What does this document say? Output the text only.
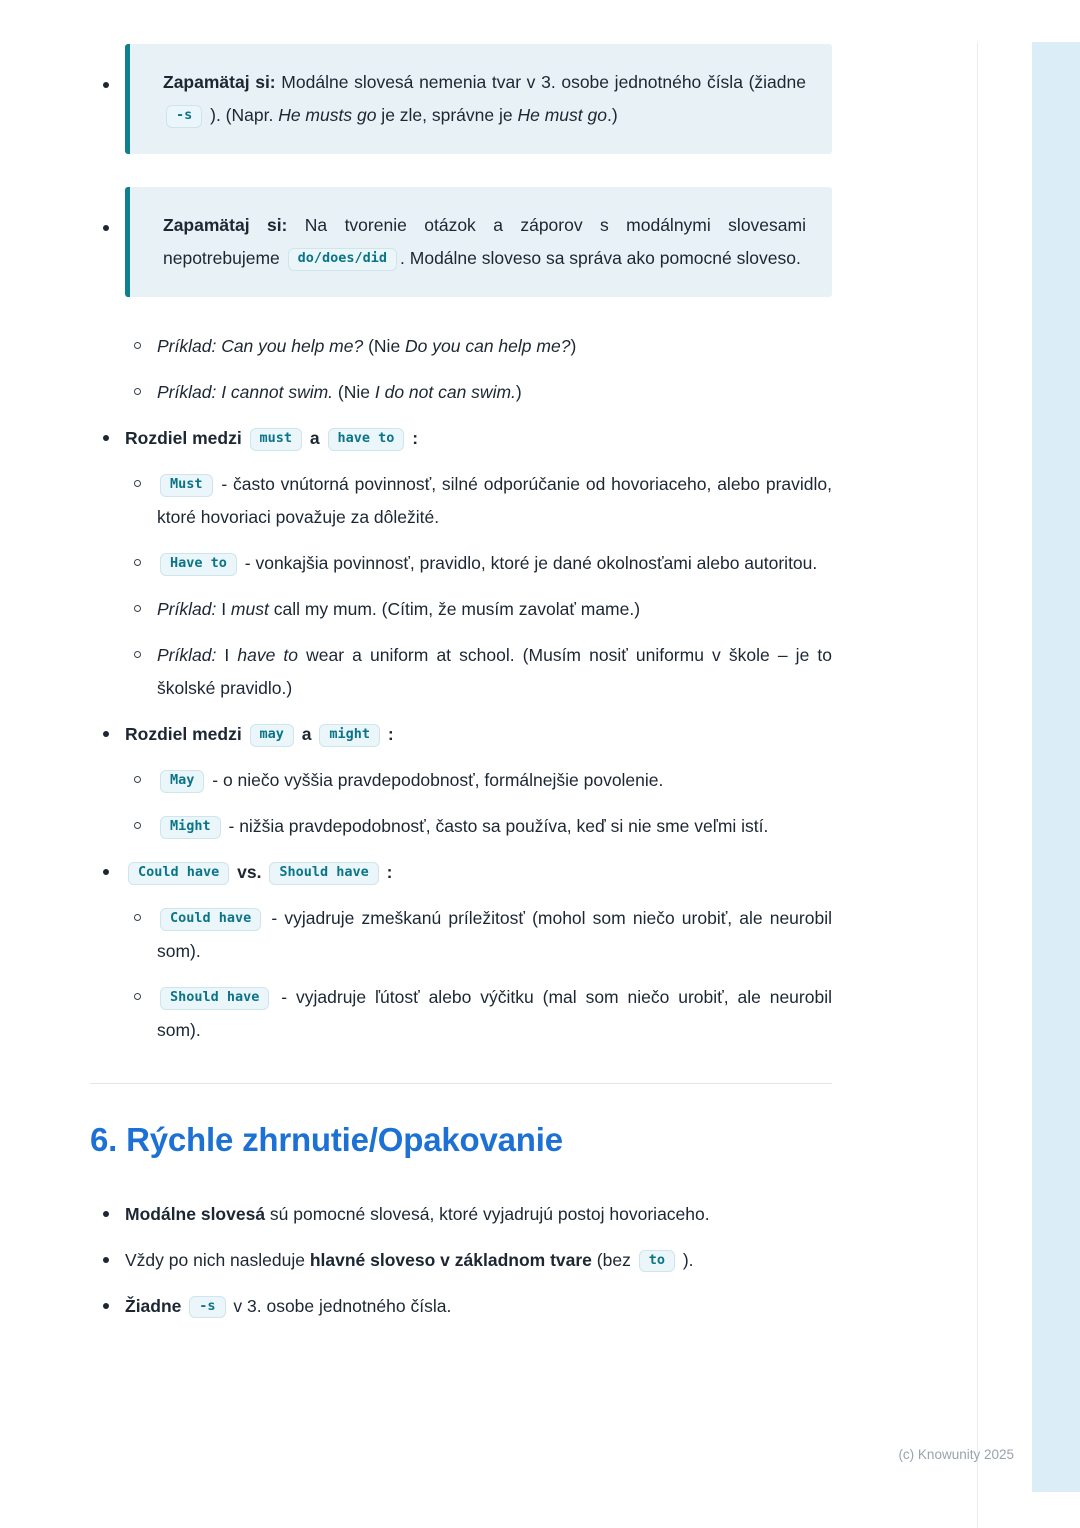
Zapamätaj si: Modálne slovesá nemenia tvar v 3. osobe jednotného čísla (žiadne -s ). (Napr. He musts go je zle, správne je He must go.)

Zapamätaj si: Na tvorenie otázok a záporov s modálnymi slovesami nepotrebujeme do/does/did . Modálne sloveso sa správa ako pomocné sloveso.

Príklad: Can you help me? (Nie Do you can help me?)
Príklad: I cannot swim. (Nie I do not can swim.)
Rozdiel medzi must a have to :
Must - často vnútorná povinnosť, silné odporúčanie od hovoriaceho, alebo pravidlo, ktoré hovoriaci považuje za dôležité.
Have to - vonkajšia povinnosť, pravidlo, ktoré je dané okolnosťami alebo autoritou.
Príklad: I must call my mum. (Cítim, že musím zavolať mame.)
Príklad: I have to wear a uniform at school. (Musím nosiť uniformu v škole – je to školské pravidlo.)
Rozdiel medzi may a might :
May - o niečo vyššia pravdepodobnosť, formálnejšie povolenie.
Might - nižšia pravdepodobnosť, často sa používa, keď si nie sme veľmi istí.
Could have vs. Should have :
Could have - vyjadruje zmeškanú príležitosť (mohol som niečo urobiť, ale neurobil som).
Should have - vyjadruje ľútosť alebo výčitku (mal som niečo urobiť, ale neurobil som).
6. Rýchle zhrnutie/Opakovanie
Modálne slovesá sú pomocné slovesá, ktoré vyjadrujú postoj hovoriaceho.
Vždy po nich nasleduje hlavné sloveso v základnom tvare (bez to ).
Žiadne -s v 3. osobe jednotného čísla.
(c) Knowunity 2025
